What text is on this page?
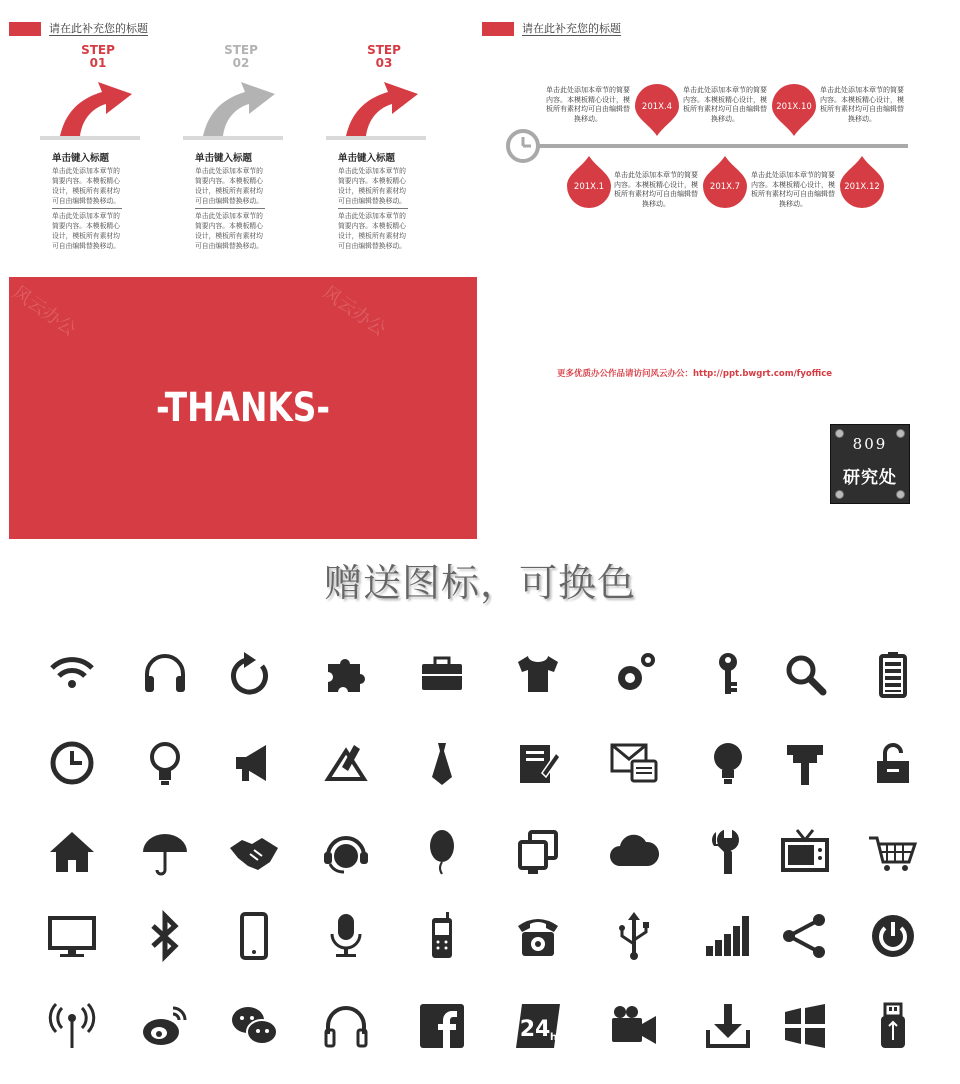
请在此补充您的标题	请在此补充您的标题
STEP
01
单击键入标题
单击此处添加本章节的简要内容。本模板精心设计，模板所有素材均可自由编辑替换移动。
单击此处添加本章节的简要内容。本模板精心设计，模板所有素材均可自由编辑替换移动。
STEP
02
单击键入标题
单击此处添加本章节的简要内容。本模板精心设计，模板所有素材均可自由编辑替换移动。
单击此处添加本章节的简要内容。本模板精心设计，模板所有素材均可自由编辑替换移动。
STEP
03
单击键入标题
单击此处添加本章节的简要内容。本模板精心设计，模板所有素材均可自由编辑替换移动。
单击此处添加本章节的简要内容。本模板精心设计，模板所有素材均可自由编辑替换移动。
201X.4	201X.10
201X.1	201X.7	201X.12
单击此处添加本章节的简要内容。本模板精心设计，模板所有素材均可自由编辑替换移动。
单击此处添加本章节的简要内容。本模板精心设计，模板所有素材均可自由编辑替换移动。
单击此处添加本章节的简要内容。本模板精心设计，模板所有素材均可自由编辑替换移动。
单击此处添加本章节的简要内容。本模板精心设计，模板所有素材均可自由编辑替换移动。
单击此处添加本章节的简要内容。本模板精心设计，模板所有素材均可自由编辑替换移动。
风云办公	风云办公
-THANKS-
更多优质办公作品请访问风云办公：http://ppt.bwgrt.com/fyoffice
809
研究处
赠送图标，可换色
24 h
